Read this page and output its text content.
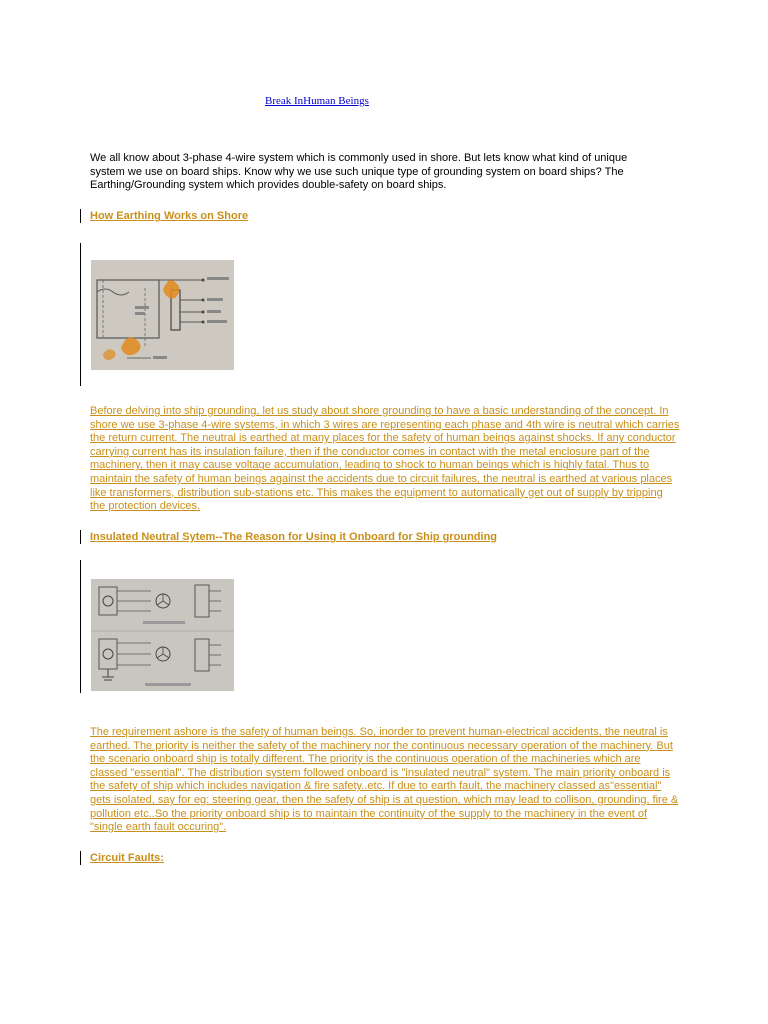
Break InHuman Beings
We all know about 3-phase 4-wire system which is commonly used in shore. But lets know what kind of unique system we use on board ships. Know why we use such unique type of grounding system on board ships? The Earthing/Grounding system which provides double-safety on board ships.
How Earthing Works on Shore
Before delving into ship grounding, let us study about shore grounding to have a basic understanding of the concept. In shore we use 3-phase 4-wire systems, in which 3 wires are representing each phase and 4th wire is neutral which carries the return current. The neutral is earthed at many places for the safety of human beings against shocks. If any conductor carrying current has its insulation failure, then if the conductor comes in contact with the metal enclosure part of the machinery, then it may cause voltage accumulation, leading to shock to human beings which is highly fatal. Thus to maintain the safety of human beings against the accidents due to circuit failures, the neutral is earthed at various places like transformers, distribution sub-stations etc. This makes the equipment to automatically get out of supply by tripping the protection devices.
Insulated Neutral Sytem--The Reason for Using it Onboard for Ship grounding
The requirement ashore is the safety of human beings. So, inorder to prevent human-electrical accidents, the neutral is earthed. The priority is neither the safety of the machinery nor the continuous necessary operation of the machinery. But the scenario onboard ship is totally different. The priority is the continuous operation of the machineries which are classed "essential". The distribution system followed onboard is "insulated neutral" system. The main priority onboard is the safety of ship which includes navigation & fire safety..etc. If due to earth fault, the machinery classed as"essential" gets isolated, say for eg: steering gear, then the safety of ship is at question, which may lead to collison, grounding, fire & pollution etc..So the priority onboard ship is to maintain the continuity of the supply to the machinery in the event of "single earth fault occuring".
Circuit Faults:
